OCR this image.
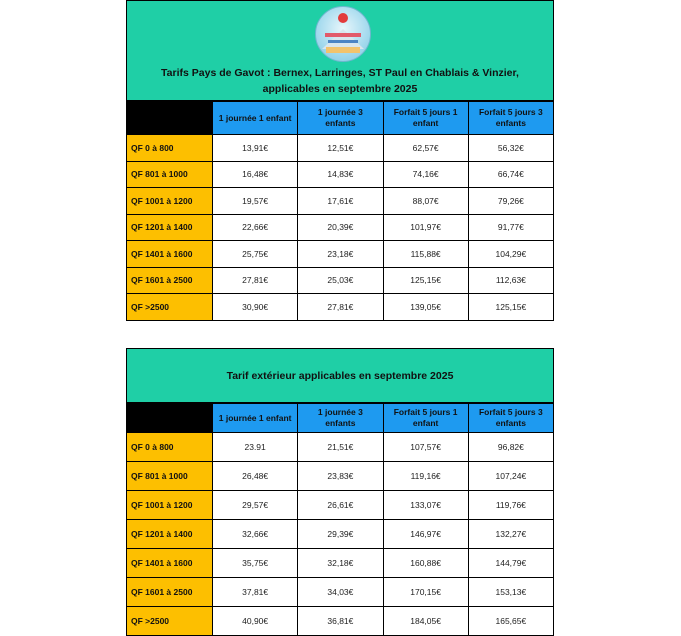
Tarifs Pays de Gavot : Bernex, Larringes, ST Paul en Chablais & Vinzier, applicables en septembre 2025

	1 journée 1 enfant	1 journée 3 enfants	Forfait 5 jours 1 enfant	Forfait 5 jours 3 enfants

QF 0 à 800	13,91€	12,51€	62,57€	56,32€
QF 801 à 1000	16,48€	14,83€	74,16€	66,74€
QF 1001 à 1200	19,57€	17,61€	88,07€	79,26€
QF 1201 à 1400	22,66€	20,39€	101,97€	91,77€
QF 1401 à 1600	25,75€	23,18€	115,88€	104,29€
QF 1601 à 2500	27,81€	25,03€	125,15€	112,63€
QF >2500	30,90€	27,81€	139,05€	125,15€
Tarif extérieur applicables en septembre 2025

	1 journée 1 enfant	1 journée 3 enfants	Forfait 5 jours 1 enfant	Forfait 5 jours 3 enfants

QF 0 à 800	23.91	21,51€	107,57€	96,82€
QF 801 à 1000	26,48€	23,83€	119,16€	107,24€
QF 1001 à 1200	29,57€	26,61€	133,07€	119,76€
QF 1201 à 1400	32,66€	29,39€	146,97€	132,27€
QF 1401 à 1600	35,75€	32,18€	160,88€	144,79€
QF 1601 à 2500	37,81€	34,03€	170,15€	153,13€
QF >2500	40,90€	36,81€	184,05€	165,65€
